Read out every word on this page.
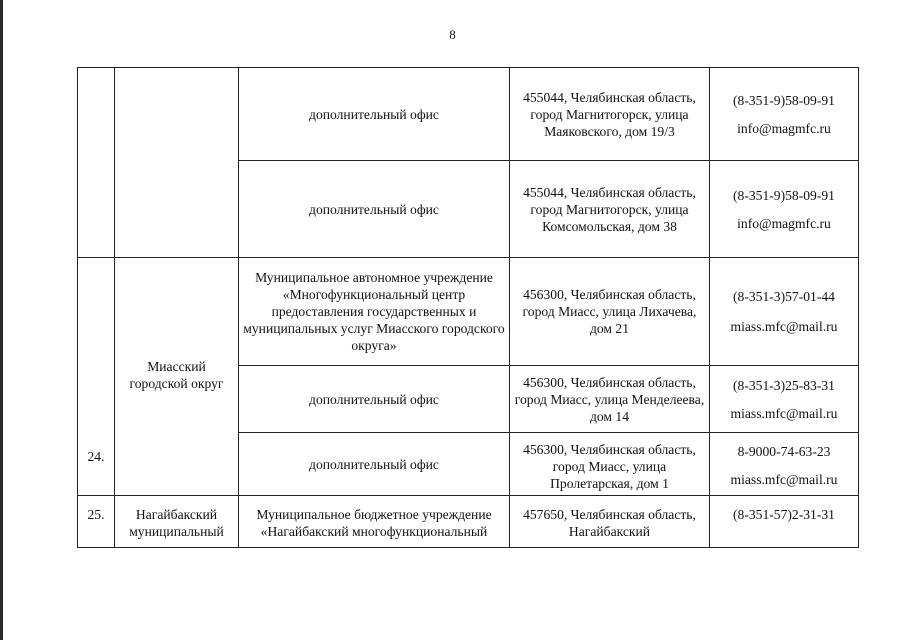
8
		дополнительный офис	455044, Челябинская область, город Магнитогорск, улица Маяковского, дом 19/3	(8-351-9)58-09-91
info@magmfc.ru
		дополнительный офис	455044, Челябинская область, город Магнитогорск, улица Комсомольская, дом 38	(8-351-9)58-09-91
info@magmfc.ru
24.	Миасский городской округ	Муниципальное автономное учреждение «Многофункциональный центр предоставления государственных и муниципальных услуг Миасского городского округа»	456300, Челябинская область, город Миасс, улица Лихачева, дом 21	(8-351-3)57-01-44
miass.mfc@mail.ru
		дополнительный офис	456300, Челябинская область, город Миасс, улица Менделеева, дом 14	(8-351-3)25-83-31
miass.mfc@mail.ru
		дополнительный офис	456300, Челябинская область, город Миасс, улица Пролетарская, дом 1	8-9000-74-63-23
miass.mfc@mail.ru
25.	Нагайбакский муниципальный	Муниципальное бюджетное учреждение «Нагайбакский многофункциональный	457650, Челябинская область, Нагайбакский	(8-351-57)2-31-31
